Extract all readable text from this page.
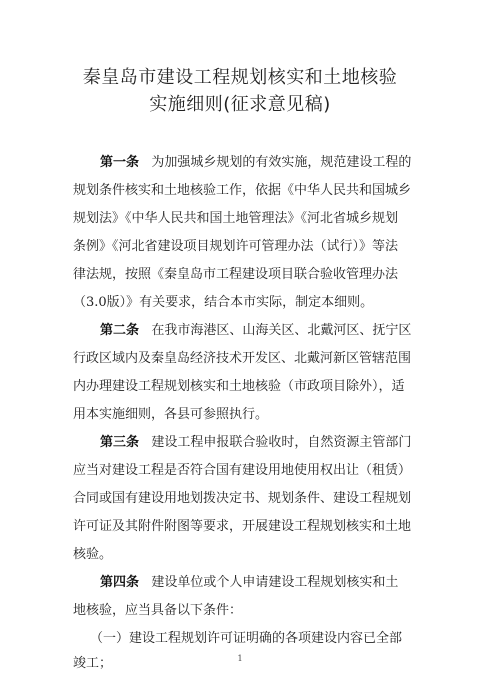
秦皇岛市建设工程规划核实和土地核验
实施细则(征求意见稿)
第一条 为加强城乡规划的有效实施，规范建设工程的
规划条件核实和土地核验工作，依据《中华人民共和国城乡
规划法》《中华人民共和国土地管理法》《河北省城乡规划
条例》《河北省建设项目规划许可管理办法（试行）》等法
律法规，按照《秦皇岛市工程建设项目联合验收管理办法
（3.0版）》有关要求，结合本市实际，制定本细则。
第二条 在我市海港区、山海关区、北戴河区、抚宁区
行政区域内及秦皇岛经济技术开发区、北戴河新区管辖范围
内办理建设工程规划核实和土地核验（市政项目除外），适
用本实施细则，各县可参照执行。
第三条 建设工程申报联合验收时，自然资源主管部门
应当对建设工程是否符合国有建设用地使用权出让（租赁）
合同或国有建设用地划拨决定书、规划条件、建设工程规划
许可证及其附件附图等要求，开展建设工程规划核实和土地
核验。
第四条 建设单位或个人申请建设工程规划核实和土
地核验，应当具备以下条件：
（一）建设工程规划许可证明确的各项建设内容已全部
竣工；	1
